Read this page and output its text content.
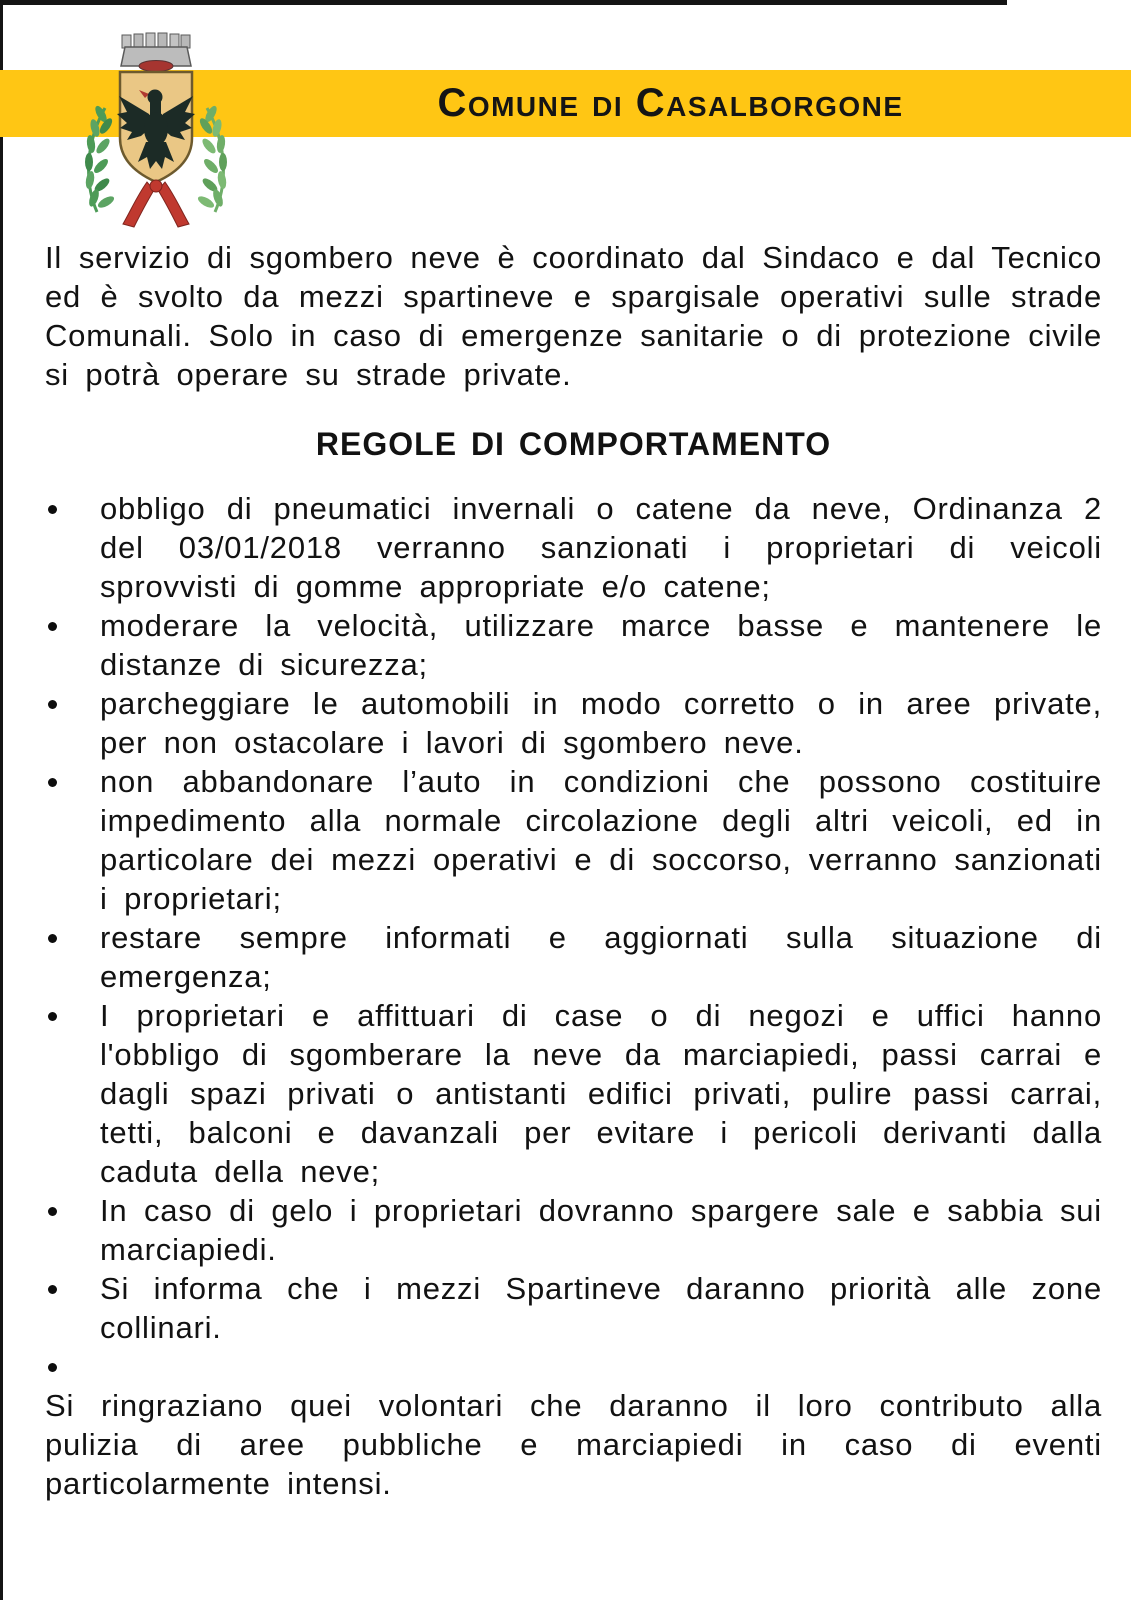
Comune di Casalborgone

Il servizio di sgombero neve è coordinato dal Sindaco e dal Tecnico ed è svolto da mezzi spartineve e spargisale operativi sulle strade Comunali. Solo in caso di emergenze sanitarie o di protezione civile si potrà operare su strade private.

REGOLE DI COMPORTAMENTO
obbligo di pneumatici invernali o catene da neve, Ordinanza 2 del 03/01/2018 verranno sanzionati i proprietari di veicoli sprovvisti di gomme appropriate e/o catene;
moderare la velocità, utilizzare marce basse e mantenere le distanze di sicurezza;
parcheggiare le automobili in modo corretto o in aree private, per non ostacolare i lavori di sgombero neve.
non abbandonare l’auto in condizioni che possono costituire impedimento alla normale circolazione degli altri veicoli, ed in particolare dei mezzi operativi e di soccorso, verranno sanzionati i proprietari;
restare sempre informati e aggiornati sulla situazione di emergenza;
I proprietari e affittuari di case o di negozi e uffici hanno l'obbligo di sgomberare la neve da marciapiedi, passi carrai e dagli spazi privati o antistanti edifici privati, pulire passi carrai, tetti, balconi e davanzali per evitare i pericoli derivanti dalla caduta della neve;
In caso di gelo i proprietari dovranno spargere sale e sabbia sui marciapiedi.
Si informa che i mezzi Spartineve daranno priorità alle zone collinari.

Si ringraziano quei volontari che daranno il loro contributo alla pulizia di aree pubbliche e marciapiedi in caso di eventi particolarmente intensi.
